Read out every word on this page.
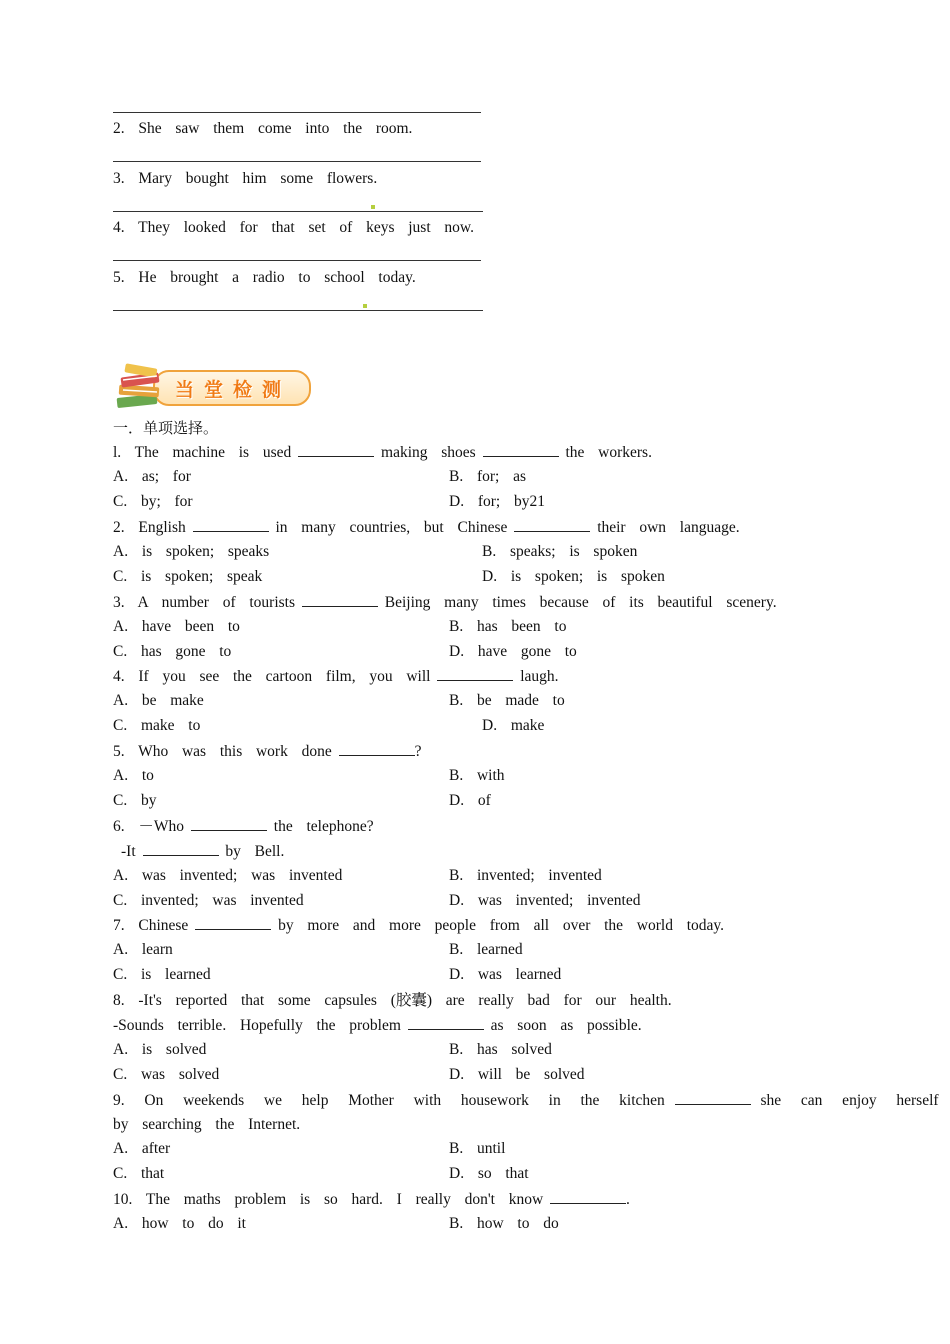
2.  She  saw  them  come  into  the  room.
3.  Mary  bought  him  some  flowers.
4.  They  looked  for  that  set  of  keys  just  now.
5.  He  brought  a  radio  to  school  today.
当堂检测
一．单项选择。
l.  The  machine  is  used	making  shoes	the  workers.
A.  as;  for	B.  for;  as
C.  by;  for	D.  for;  by21
2.  English	in  many  countries,  but  Chinese	their  own  language.
A.  is  spoken;  speaks	B.  speaks;  is  spoken
C.  is  spoken;  speak	D.  is  spoken;  is  spoken
3.  A  number  of  tourists	Beijing  many  times  because  of  its  beautiful  scenery.
A.  have  been  to	B.  has  been  to
C.  has  gone  to	D.  have  gone  to
4.  If  you  see  the  cartoon  film,  you  will	laugh.
A.  be  make	B.  be  made  to
C.  make  to	D.  make
5.  Who  was  this  work  done	?
A.  to	B.  with
C.  by	D.  of
6.  －Who	the  telephone?
-It	by  Bell.
A.  was  invented;  was  invented	B.  invented;  invented
C.  invented;  was  invented	D.  was  invented;  invented
7.  Chinese	by  more  and  more  people  from  all  over  the  world  today.
A.  learn	B.  learned
C.  is  learned	D.  was  learned
8.  -It's  reported  that  some  capsules  (胶囊)  are  really  bad  for  our  health.
-Sounds  terrible.  Hopefully  the  problem	as  soon  as  possible.
A.  is  solved	B.  has  solved
C.  was  solved	D.  will  be  solved
9.  On  weekends  we  help  Mother  with  housework  in  the  kitchen	she  can  enjoy  herself
by  searching  the  Internet.
A.  after	B.  until
C.  that	D.  so  that
10.  The  maths  problem  is  so  hard.  I  really  don't  know	.
A.  how  to  do  it	B.  how  to  do
